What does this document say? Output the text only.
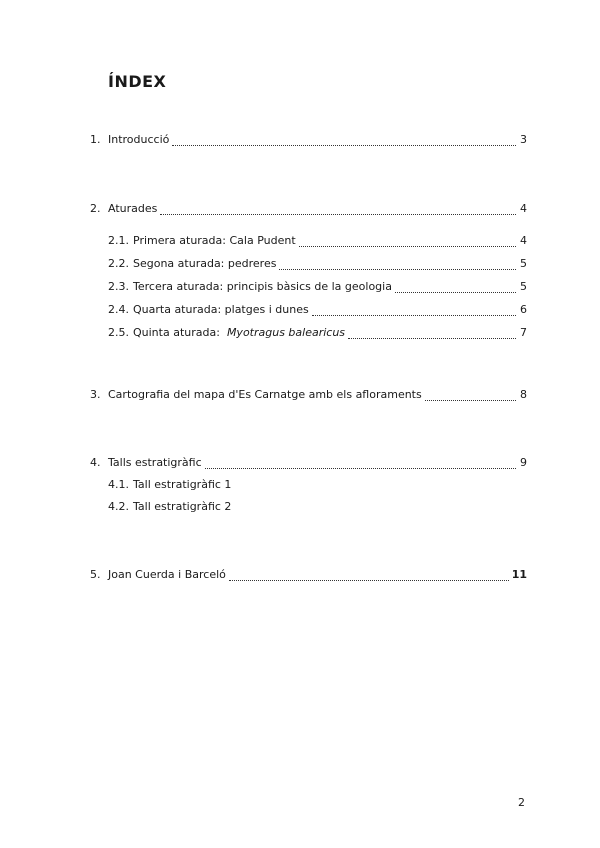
ÍNDEX
1. Introducció	3
2. Aturades	4
2.1. Primera aturada: Cala Pudent	4
2.2. Segona aturada: pedreres	5
2.3. Tercera aturada: principis bàsics de la geologia	5
2.4. Quarta aturada: platges i dunes	6
2.5. Quinta aturada: Myotragus balearicus	7
3. Cartografia del mapa d'Es Carnatge amb els afloraments	8
4. Talls estratigràfic	9
4.1. Tall estratigràfic 1
4.2. Tall estratigràfic 2
5. Joan Cuerda i Barceló	11
2
